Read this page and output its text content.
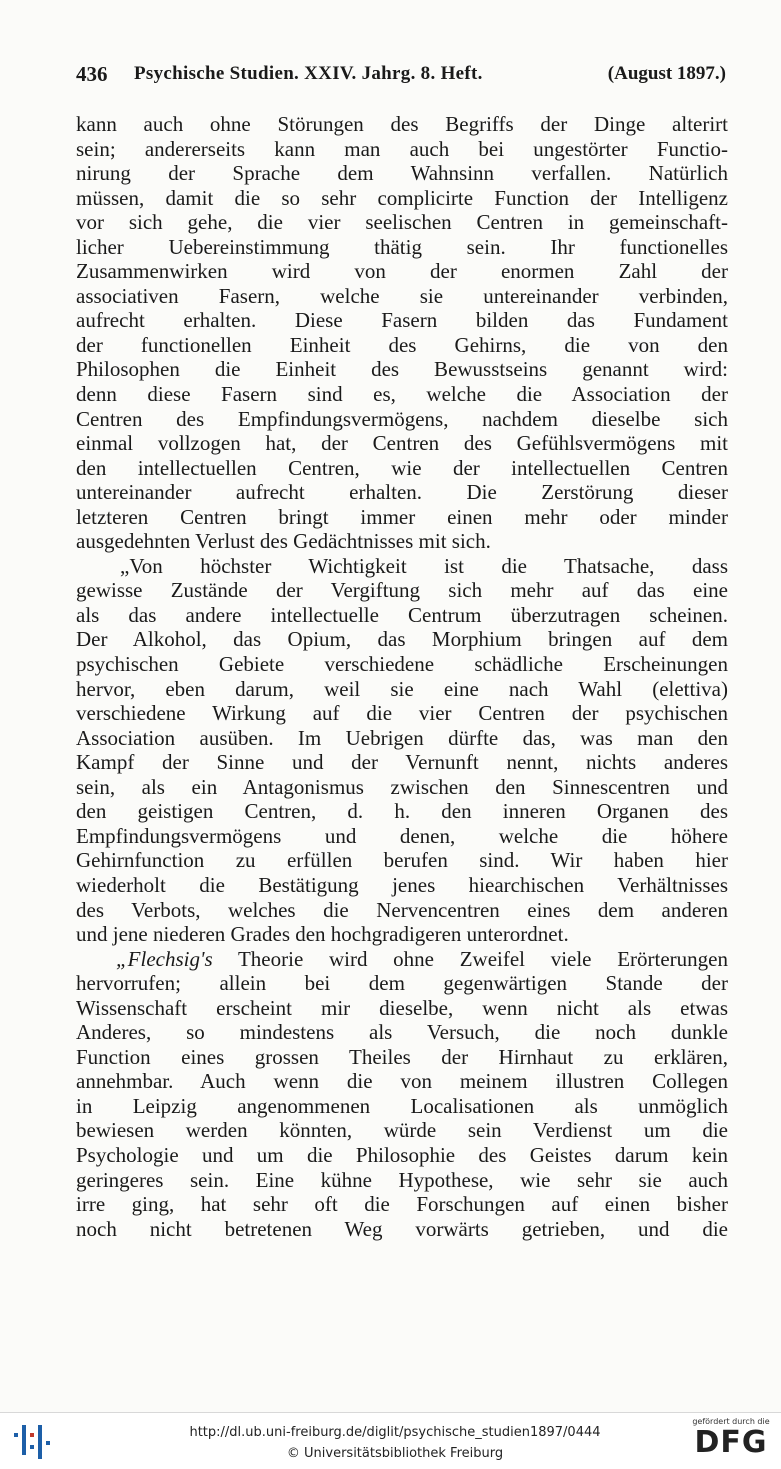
436 Psychische Studien. XXIV. Jahrg. 8. Heft.	(August 1897.)
kann auch ohne Störungen des Begriffs der Dinge alterirt
sein; andererseits kann man auch bei ungestörter Functio-
nirung der Sprache dem Wahnsinn verfallen. Natürlich
müssen, damit die so sehr complicirte Function der Intelligenz
vor sich gehe, die vier seelischen Centren in gemeinschaft-
licher Uebereinstimmung thätig sein. Ihr functionelles
Zusammenwirken wird von der enormen Zahl der
associativen Fasern, welche sie untereinander verbinden,
aufrecht erhalten. Diese Fasern bilden das Fundament
der functionellen Einheit des Gehirns, die von den
Philosophen die Einheit des Bewusstseins genannt wird:
denn diese Fasern sind es, welche die Association der
Centren des Empfindungsvermögens, nachdem dieselbe sich
einmal vollzogen hat, der Centren des Gefühlsvermögens mit
den intellectuellen Centren, wie der intellectuellen Centren
untereinander aufrecht erhalten. Die Zerstörung dieser
letzteren Centren bringt immer einen mehr oder minder
ausgedehnten Verlust des Gedächtnisses mit sich.
„Von höchster Wichtigkeit ist die Thatsache, dass
gewisse Zustände der Vergiftung sich mehr auf das eine
als das andere intellectuelle Centrum überzutragen scheinen.
Der Alkohol, das Opium, das Morphium bringen auf dem
psychischen Gebiete verschiedene schädliche Erscheinungen
hervor, eben darum, weil sie eine nach Wahl (elettiva)
verschiedene Wirkung auf die vier Centren der psychischen
Association ausüben. Im Uebrigen dürfte das, was man den
Kampf der Sinne und der Vernunft nennt, nichts anderes
sein, als ein Antagonismus zwischen den Sinnescentren und
den geistigen Centren, d. h. den inneren Organen des
Empfindungsvermögens und denen, welche die höhere
Gehirnfunction zu erfüllen berufen sind. Wir haben hier
wiederholt die Bestätigung jenes hiearchischen Verhältnisses
des Verbots, welches die Nervencentren eines dem anderen
und jene niederen Grades den hochgradigeren unterordnet.
„Flechsig's Theorie wird ohne Zweifel viele Erörterungen
hervorrufen; allein bei dem gegenwärtigen Stande der
Wissenschaft erscheint mir dieselbe, wenn nicht als etwas
Anderes, so mindestens als Versuch, die noch dunkle
Function eines grossen Theiles der Hirnhaut zu erklären,
annehmbar. Auch wenn die von meinem illustren Collegen
in Leipzig angenommenen Localisationen als unmöglich
bewiesen werden könnten, würde sein Verdienst um die
Psychologie und um die Philosophie des Geistes darum kein
geringeres sein. Eine kühne Hypothese, wie sehr sie auch
irre ging, hat sehr oft die Forschungen auf einen bisher
noch nicht betretenen Weg vorwärts getrieben, und die
http://dl.ub.uni-freiburg.de/diglit/psychische_studien1897/0444
© Universitätsbibliothek Freiburg
gefördert durch die
DFG
